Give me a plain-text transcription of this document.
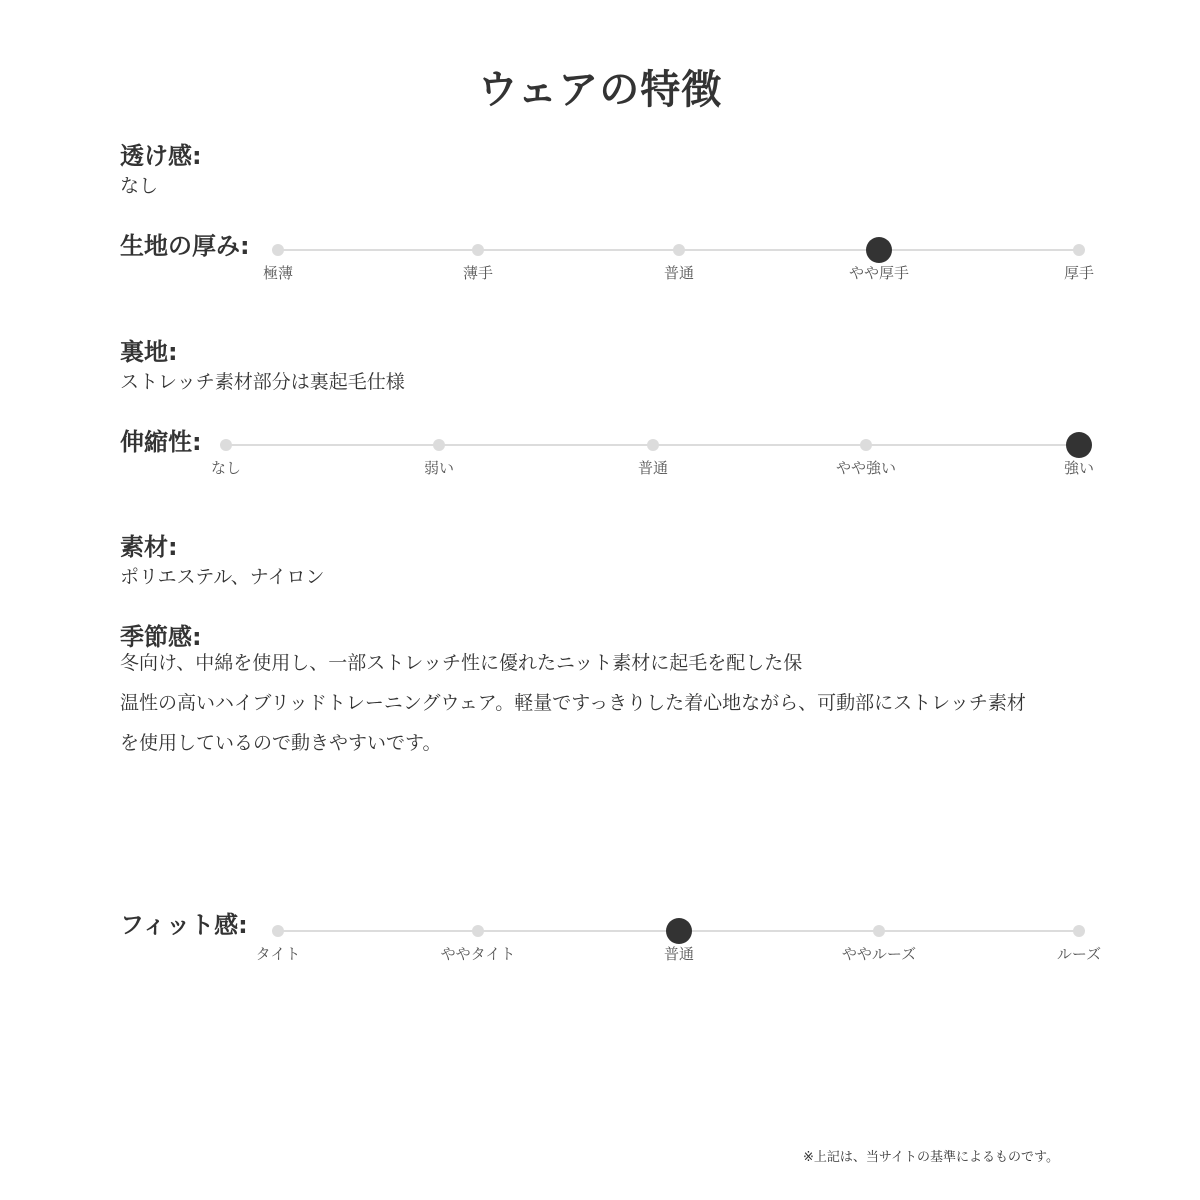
ウェアの特徴
透け感:
なし
生地の厚み:
極薄	薄手	普通	やや厚手	厚手
裏地:
ストレッチ素材部分は裏起毛仕様
伸縮性:
なし	弱い	普通	やや強い	強い
素材:
ポリエステル、ナイロン
季節感:
冬向け、中綿を使用し、一部ストレッチ性に優れたニット素材に起毛を配した保
温性の高いハイブリッドトレーニングウェア。軽量ですっきりした着心地ながら、可動部にストレッチ素材
を使用しているので動きやすいです。
フィット感:
タイト	ややタイト	普通	ややルーズ	ルーズ
※上記は、当サイトの基準によるものです。
